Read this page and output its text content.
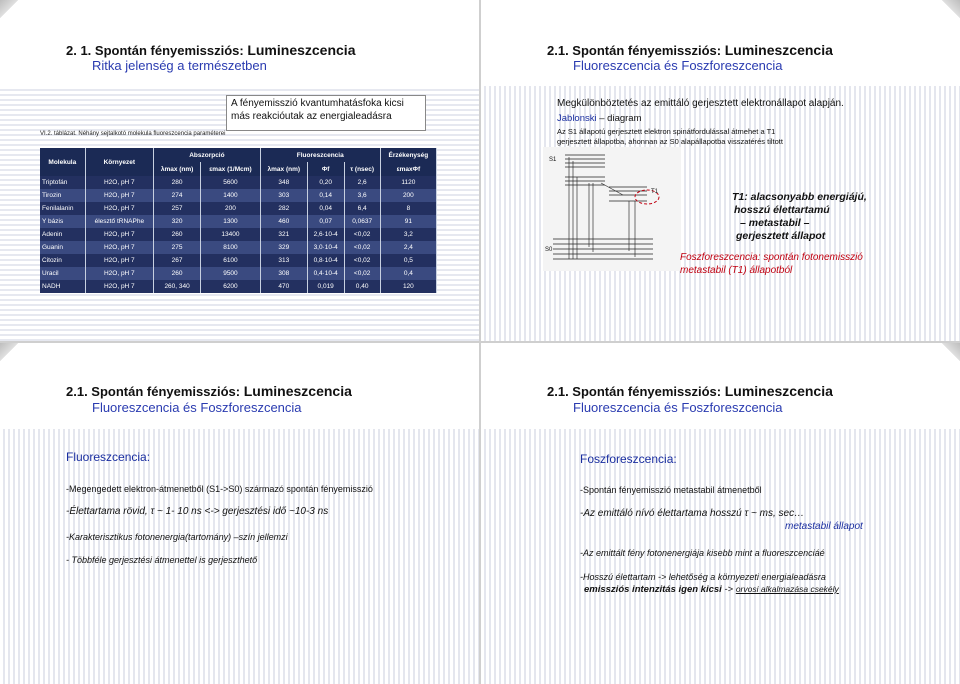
2. 1. Spontán fényemissziós: Lumineszcencia
Ritka jelenség a természetben
A fényemisszió kvantumhatásfoka kicsi
más reakcióutak az energialeadásra
VI.2. táblázat. Néhány sejtalkotó molekula fluoreszcencia paraméterei
Molekula	Környezet	Abszorpció		Fluoreszcencia			Érzékenység
		λmax (nm)	εmax (1/Mcm)	λmax (nm)	Φf	τ (nsec)	εmaxΦf
Triptofán	H2O, pH 7	280	5600	348	0,20	2,6	1120
Tirozin	H2O, pH 7	274	1400	303	0,14	3,6	200
Fenilalanin	H2O, pH 7	257	200	282	0,04	6,4	8
Y bázis	élesztő tRNAPhe	320	1300	460	0,07	0,0637	91
Adenin	H2O, pH 7	260	13400	321	2,6·10-4	<0,02	3,2
Guanin	H2O, pH 7	275	8100	329	3,0·10-4	<0,02	2,4
Citozin	H2O, pH 7	267	6100	313	0,8·10-4	<0,02	0,5
Uracil	H2O, pH 7	260	9500	308	0,4·10-4	<0,02	0,4
NADH	H2O, pH 7	260, 340	6200	470	0,019	0,40	120
2.1. Spontán fényemissziós: Lumineszcencia
Fluoreszcencia és Foszforeszcencia
Megkülönböztetés az emittáló gerjesztett elektronállapot alapján.
Jablonski – diagram
Az S1 állapotú gerjesztett elektron spinátfordulással átmehet a T1
gerjesztett állapotba, ahonnan az S0 alapállapotba visszatérés tiltott
S1
T1
S0
T1: alacsonyabb energiájú,
hosszú élettartamú
– metastabil –
gerjesztett állapot
Foszforeszcencia: spontán fotonemisszió
metastabil (T1) állapotból
2.1. Spontán fényemissziós: Lumineszcencia
Fluoreszcencia és Foszforeszcencia
Fluoreszcencia:
-Megengedett elektron-átmenetből (S1->S0) származó spontán fényemisszió
-Élettartama rövid, τ ~ 1- 10 ns <-> gerjesztési idő ~10-3 ns
-Karakterisztikus fotonenergia(tartomány) –szín jellemzi
- Többféle gerjesztési átmenettel is gerjeszthető
2.1. Spontán fényemissziós: Lumineszcencia
Fluoreszcencia és Foszforeszcencia
Foszforeszcencia:
-Spontán fényemisszió metastabil átmenetből
-Az emittáló nívó élettartama hosszú τ ~ ms, sec…
metastabil állapot
-Az emittált fény fotonenergiája kisebb mint a fluoreszcenciáé
-Hosszú élettartam -> lehetőség a környezeti energialeadásra
emissziós intenzitás igen kicsi -> orvosi alkalmazása csekély
